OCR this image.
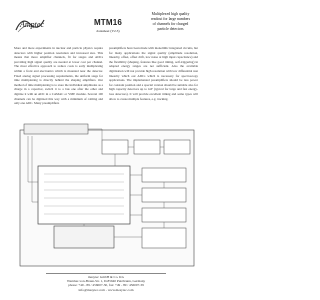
Amptec	MTM16
datasheet (V2.3)
Multiplexed high quality
readout for large numbers
of channels for charged
particle detectors
More and more experiments in nuclear and particle physics require detectors with higher position resolution and increased size. This means that more amplifier channels, fit for stages and ADCs providing high signal quality are needed at lower cost per channel. The most effective approach to reduce costs is early multiplexing within a front end electronics which is mounted near the detector. Fixed analog signal processing requirements, the uniform stage for time multiplexing is directly behind the shaping amplifiers. Our method of time multiplexing is to store the individual amplitudes as a charge in a capacitor, switch it to a bus one after the other and digitize it with an ADC in a CAMAC or VME module. Several 100 channels can be digitized this way with a minimum of cabling and only one ADC. Many preamplifiers
preamplifiers have been made with monolithic integrated circuits, but for many applications the signal quality (amplitude resolution, linearity, offset, offset drift, low noise at high input capacitance) and the flexibility (shaping, features like good timing, self-triggering) in adapted energy ranges are not sufficient. Also the available digitization will not provide high resolution with low differential non linearity which our ADCs which is necessary for spectroscopy applications. The implemented preamplifiers should be less power for constant position and a special version should be suitable also for high capacity detectors up to 1nF (typical for large and fast energy-loss detectors). It will provide excellent timing and some types will allow to create multiple features, e.g. tracking.
mesytec GmbH & Co. KG
Wernher-von-Braun-Str. 1, D-85640 Putzbrunn, Germany
phone: +49 - 89 / 456007-30, fax: +49 - 89 / 456007-39
info@mesytec.com - www.mesytec.com
